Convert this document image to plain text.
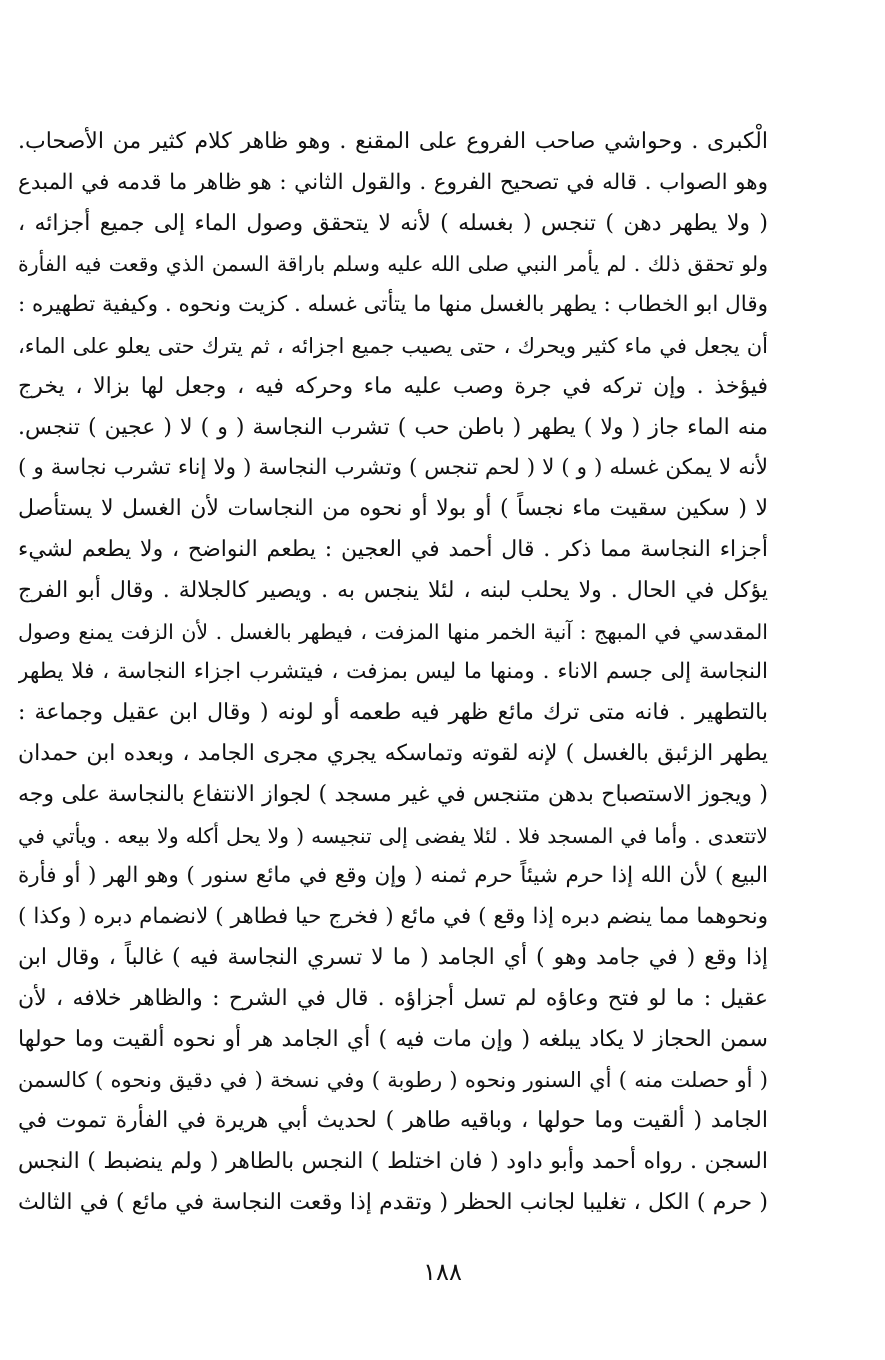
الْكبرى . وحواشي صاحب الفروع على المقنع . وهو ظاهر كلام كثير من الأصحاب.
وهو الصواب . قاله في تصحيح الفروع . والقول الثاني : هو ظاهر ما قدمه في المبدع
( ولا يطهر دهن ) تنجس ( بغسله ) لأنه لا يتحقق وصول الماء إلى جميع أجزائه ،
ولو تحقق ذلك . لم يأمر النبي صلى الله عليه وسلم باراقة السمن الذي وقعت فيه الفأرة
وقال ابو الخطاب : يطهر بالغسل منها ما يتأتى غسله . كزيت ونحوه . وكيفية تطهيره :
أن يجعل في ماء كثير ويحرك ، حتى يصيب جميع اجزائه ، ثم يترك حتى يعلو على الماء،
فيؤخذ . وإن تركه في جرة وصب عليه ماء وحركه فيه ، وجعل لها بزالا ، يخرج
منه الماء جاز ( ولا ) يطهر ( باطن حب ) تشرب النجاسة ( و ) لا ( عجين ) تنجس.
لأنه لا يمكن غسله ( و ) لا ( لحم تنجس ) وتشرب النجاسة ( ولا إناء تشرب نجاسة و )
لا ( سكين سقيت ماء نجساً ) أو بولا أو نحوه من النجاسات لأن الغسل لا يستأصل
أجزاء النجاسة مما ذكر . قال أحمد في العجين : يطعم النواضح ، ولا يطعم لشيء
يؤكل في الحال . ولا يحلب لبنه ، لئلا ينجس به . ويصير كالجلالة . وقال أبو الفرج
المقدسي في المبهج : آنية الخمر منها المزفت ، فيطهر بالغسل . لأن الزفت يمنع وصول
النجاسة إلى جسم الاناء . ومنها ما ليس بمزفت ، فيتشرب اجزاء النجاسة ، فلا يطهر
بالتطهير . فانه متى ترك مائع ظهر فيه طعمه أو لونه ( وقال ابن عقيل وجماعة :
يطهر الزئبق بالغسل ) لإنه لقوته وتماسكه يجري مجرى الجامد ، وبعده ابن حمدان
( ويجوز الاستصباح بدهن متنجس في غير مسجد ) لجواز الانتفاع بالنجاسة على وجه
لاتتعدى . وأما في المسجد فلا . لئلا يفضى إلى تنجيسه ( ولا يحل أكله ولا بيعه . ويأتي في
البيع ) لأن الله إذا حرم شيئاً حرم ثمنه ( وإن وقع في مائع سنور ) وهو الهر ( أو فأرة
ونحوهما مما ينضم دبره إذا وقع ) في مائع ( فخرج حيا فطاهر ) لانضمام دبره ( وكذا )
إذا وقع ( في جامد وهو ) أي الجامد ( ما لا تسري النجاسة فيه ) غالباً ، وقال ابن
عقيل : ما لو فتح وعاؤه لم تسل أجزاؤه . قال في الشرح : والظاهر خلافه ، لأن
سمن الحجاز لا يكاد يبلغه ( وإن مات فيه ) أي الجامد هر أو نحوه ألقيت وما حولها
( أو حصلت منه ) أي السنور ونحوه ( رطوبة ) وفي نسخة ( في دقيق ونحوه ) كالسمن
الجامد ( ألقيت وما حولها ، وباقيه طاهر ) لحديث أبي هريرة في الفأرة تموت في
السجن . رواه أحمد وأبو داود ( فان اختلط ) النجس بالطاهر ( ولم ينضبط ) النجس
( حرم ) الكل ، تغليبا لجانب الحظر ( وتقدم إذا وقعت النجاسة في مائع ) في الثالث
١٨٨
